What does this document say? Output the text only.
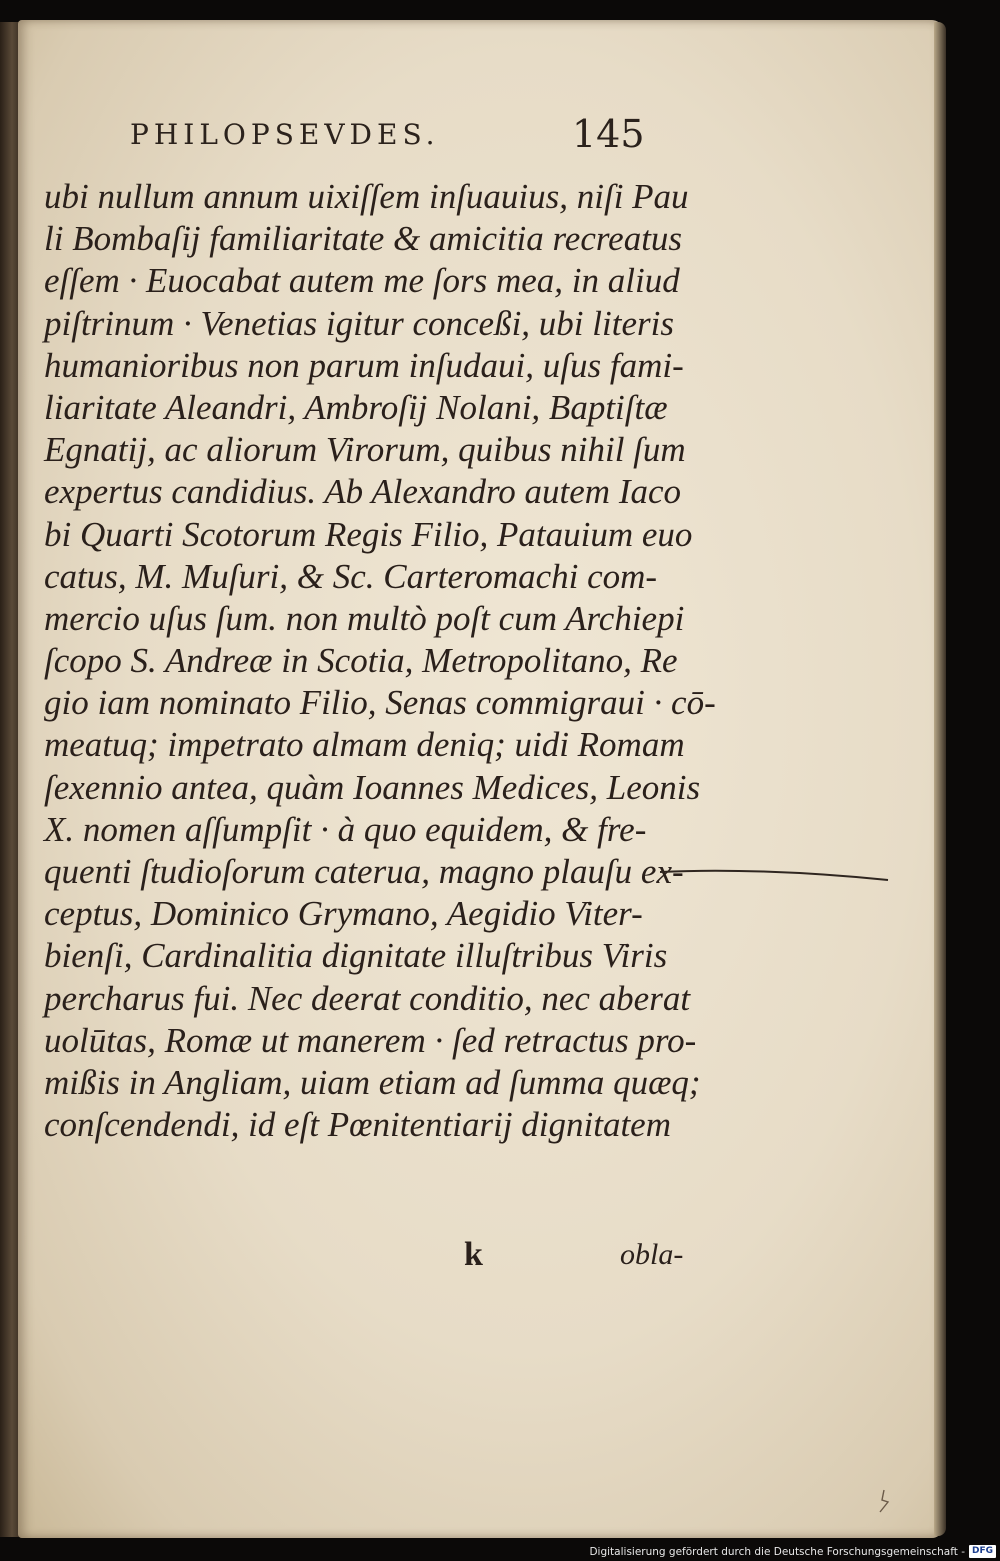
PHILOPSEVDES.	145
ubi nullum annum uixiſſem inſuauius, niſi Pau
li Bombaſij familiaritate & amicitia recreatus
eſſem · Euocabat autem me ſors mea, in aliud
piſtrinum · Venetias igitur conceßi, ubi literis
humanioribus non parum inſudaui, uſus fami-
liaritate Aleandri, Ambroſij Nolani, Baptiſtæ
Egnatij, ac aliorum Virorum, quibus nihil ſum
expertus candidius. Ab Alexandro autem Iaco
bi Quarti Scotorum Regis Filio, Patauium euo
catus, M. Muſuri, & Sc. Carteromachi com-
mercio uſus ſum. non multò poſt cum Archiepi
ſcopo S. Andreæ in Scotia, Metropolitano, Re
gio iam nominato Filio, Senas commigraui · cō-
meatuq; impetrato almam deniq; uidi Romam
ſexennio antea, quàm Ioannes Medices, Leonis
X. nomen aſſumpſit · à quo equidem, & fre-
quenti ſtudioſorum caterua, magno plauſu ex-
ceptus, Dominico Grymano, Aegidio Viter-
bienſi, Cardinalitia dignitate illuſtribus Viris
percharus fui. Nec deerat conditio, nec aberat
uolūtas, Romæ ut manerem · ſed retractus pro-
mißis in Angliam, uiam etiam ad ſumma quæq;
conſcendendi, id eſt Pœnitentiarij dignitatem
k	obla-
Digitalisierung gefördert durch die Deutsche Forschungsgemeinschaft - DFG
